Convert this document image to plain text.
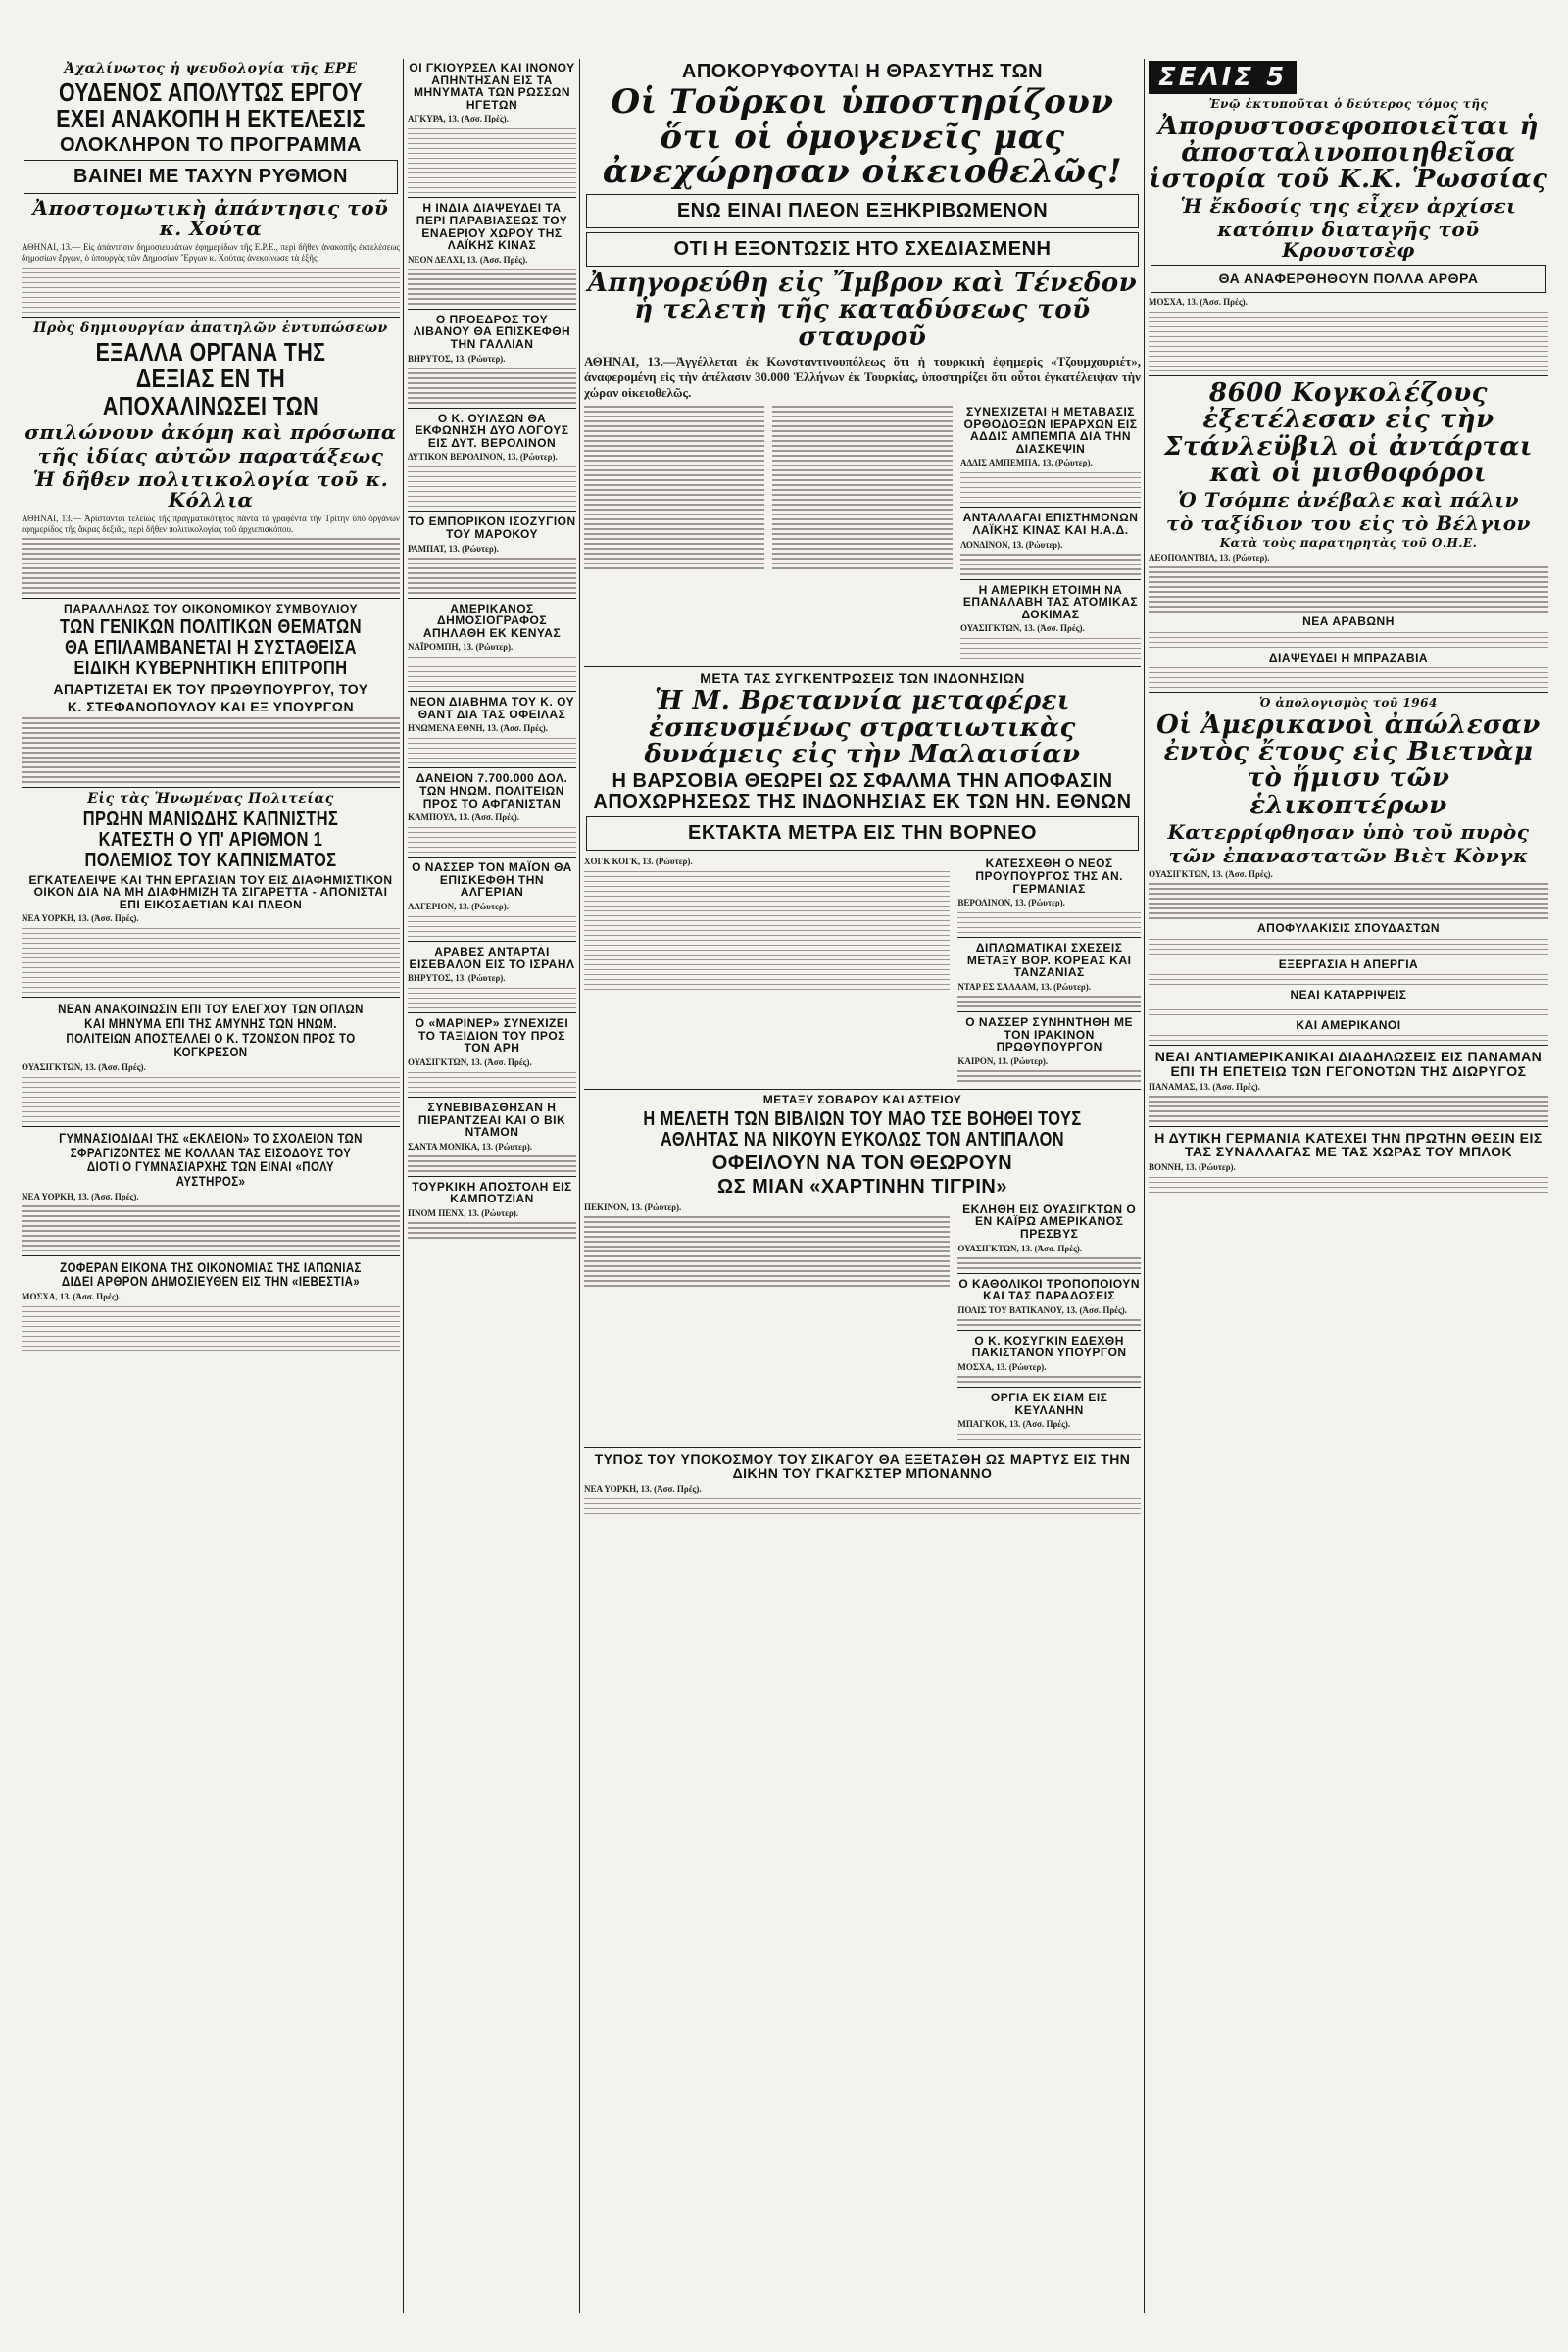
Ἀχαλίνωτος ἡ ψευδολογία τῆς ΕΡΕ
ΟΥΔΕΝΟΣ ΑΠΟΛΥΤΩΣ ΕΡΓΟΥ ΕΧΕΙ ΑΝΑΚΟΠΗ Η ΕΚΤΕΛΕΣΙΣ
ΟΛΟΚΛΗΡΟΝ ΤΟ ΠΡΟΓΡΑΜΜΑ
ΒΑΙΝΕΙ ΜΕ ΤΑΧΥΝ ΡΥΘΜΟΝ
Ἀποστομωτικὴ ἀπάντησις τοῦ κ. Χούτα
ΑΘΗΝΑΙ, 13.— Εἰς ἀπάντησιν δημοσιευμάτων ἐφημερίδων τῆς Ε.Ρ.Ε., περὶ δῆθεν ἀνακοπῆς ἐκτελέσεως δημοσίων ἔργων, ὁ ὑπουργὸς τῶν Δημοσίων Ἔργων κ. Χούτας ἀνεκοίνωσε τὰ ἑξῆς.
Πρὸς δημιουργίαν ἀπατηλῶν ἐντυπώσεων
ΕΞΑΛΛΑ ΟΡΓΑΝΑ ΤΗΣ ΔΕΞΙΑΣ ΕΝ ΤΗ ΑΠΟΧΑΛΙΝΩΣΕΙ ΤΩΝ
σπιλώνουν ἀκόμη καὶ πρόσωπα
τῆς ἰδίας αὐτῶν παρατάξεως
Ἡ δῆθεν πολιτικολογία τοῦ κ. Κόλλια
ΑΘΗΝΑΙ, 13.— Ἀρίστανται τελείως τῆς πραγματικότητος πάντα τὰ γραφέντα τὴν Τρίτην ὑπὸ ὀργάνων ἐφημερίδος τῆς ἄκρας δεξιᾶς, περὶ δῆθεν πολιτικολογίας τοῦ ἀρχιεπισκόπου.
ΠΑΡΑΛΛΗΛΩΣ ΤΟΥ ΟΙΚΟΝΟΜΙΚΟΥ ΣΥΜΒΟΥΛΙΟΥ
ΤΩΝ ΓΕΝΙΚΩΝ ΠΟΛΙΤΙΚΩΝ ΘΕΜΑΤΩΝ ΘΑ ΕΠΙΛΑΜΒΑΝΕΤΑΙ Η ΣΥΣΤΑΘΕΙΣΑ ΕΙΔΙΚΗ ΚΥΒΕΡΝΗΤΙΚΗ ΕΠΙΤΡΟΠΗ
ΑΠΑΡΤΙΖΕΤΑΙ ΕΚ ΤΟΥ ΠΡΩΘΥΠΟΥΡΓΟΥ, ΤΟΥ
Κ. ΣΤΕΦΑΝΟΠΟΥΛΟΥ ΚΑΙ ΕΞ ΥΠΟΥΡΓΩΝ
Εἰς τὰς Ἡνωμένας Πολιτείας
ΠΡΩΗΝ ΜΑΝΙΩΔΗΣ ΚΑΠΝΙΣΤΗΣ ΚΑΤΕΣΤΗ Ο ΥΠ' ΑΡΙΘΜΟΝ 1 ΠΟΛΕΜΙΟΣ ΤΟΥ ΚΑΠΝΙΣΜΑΤΟΣ
ΕΓΚΑΤΕΛΕΙΨΕ ΚΑΙ ΤΗΝ ΕΡΓΑΣΙΑΝ ΤΟΥ ΕΙΣ ΔΙΑΦΗΜΙΣΤΙΚΟΝ ΟΙΚΟΝ ΔΙΑ ΝΑ ΜΗ ΔΙΑΦΗΜΙΖΗ ΤΑ ΣΙΓΑΡΕΤΤΑ - ΑΠΟΝΙΣΤΑΙ ΕΠΙ ΕΙΚΟΣΑΕΤΙΑΝ ΚΑΙ ΠΛΕΟΝ
ΝΕΑ ΥΟΡΚΗ, 13. (Ἀσσ. Πρές).
ΝΕΑΝ ΑΝΑΚΟΙΝΩΣΙΝ ΕΠΙ ΤΟΥ ΕΛΕΓΧΟΥ ΤΩΝ ΟΠΛΩΝ ΚΑΙ ΜΗΝΥΜΑ ΕΠΙ ΤΗΣ ΑΜΥΝΗΣ ΤΩΝ ΗΝΩΜ. ΠΟΛΙΤΕΙΩΝ ΑΠΟΣΤΕΛΛΕΙ Ο Κ. ΤΖΟΝΣΟΝ ΠΡΟΣ ΤΟ ΚΟΓΚΡΕΣΟΝ
ΟΥΑΣΙΓΚΤΩΝ, 13. (Ἀσσ. Πρές).
ΓΥΜΝΑΣΙΟΔΙΔΑΙ ΤΗΣ «ΕΚΛΕΙΟΝ» ΤΟ ΣΧΟΛΕΙΟΝ ΤΩΝ ΣΦΡΑΓΙΖΟΝΤΕΣ ΜΕ ΚΟΛΛΑΝ ΤΑΣ ΕΙΣΟΔΟΥΣ ΤΟΥ ΔΙΟΤΙ Ο ΓΥΜΝΑΣΙΑΡΧΗΣ ΤΩΝ ΕΙΝΑΙ «ΠΟΛΥ ΑΥΣΤΗΡΟΣ»
ΝΕΑ ΥΟΡΚΗ, 13. (Ἀσσ. Πρές).
ΖΟΦΕΡΑΝ ΕΙΚΟΝΑ ΤΗΣ ΟΙΚΟΝΟΜΙΑΣ ΤΗΣ ΙΑΠΩΝΙΑΣ ΔΙΔΕΙ ΑΡΘΡΟΝ ΔΗΜΟΣΙΕΥΘΕΝ ΕΙΣ ΤΗΝ «ΙΕΒΕΣΤΙΑ»
ΜΟΣΧΑ, 13. (Ἀσσ. Πρές).
ΟΙ ΓΚΙΟΥΡΣΕΛ ΚΑΙ ΙΝΟΝΟΥ ΑΠΗΝΤΗΣΑΝ ΕΙΣ ΤΑ ΜΗΝΥΜΑΤΑ ΤΩΝ ΡΩΣΣΩΝ ΗΓΕΤΩΝ
ΑΓΚΥΡΑ, 13. (Ἀσσ. Πρές).
Η ΙΝΔΙΑ ΔΙΑΨΕΥΔΕΙ ΤΑ ΠΕΡΙ ΠΑΡΑΒΙΑΣΕΩΣ ΤΟΥ ΕΝΑΕΡΙΟΥ ΧΩΡΟΥ ΤΗΣ ΛΑΪΚΗΣ ΚΙΝΑΣ
ΝΕΟΝ ΔΕΛΧΙ, 13. (Ἀσσ. Πρές).
Ο ΠΡΟΕΔΡΟΣ ΤΟΥ ΛΙΒΑΝΟΥ ΘΑ ΕΠΙΣΚΕΦΘΗ ΤΗΝ ΓΑΛΛΙΑΝ
ΒΗΡΥΤΟΣ, 13. (Ρώυτερ).
Ο Κ. ΟΥΙΛΣΩΝ ΘΑ ΕΚΦΩΝΗΣΗ ΔΥΟ ΛΟΓΟΥΣ ΕΙΣ ΔΥΤ. ΒΕΡΟΛΙΝΟΝ
ΔΥΤΙΚΟΝ ΒΕΡΟΛΙΝΟΝ, 13. (Ρώυτερ).
ΤΟ ΕΜΠΟΡΙΚΟΝ ΙΣΟΖΥΓΙΟΝ ΤΟΥ ΜΑΡΟΚΟΥ
ΡΑΜΠΑΤ, 13. (Ρώυτερ).
ΑΜΕΡΙΚΑΝΟΣ ΔΗΜΟΣΙΟΓΡΑΦΟΣ ΑΠΗΛΑΘΗ ΕΚ ΚΕΝΥΑΣ
ΝΑΪΡΟΜΠΗ, 13. (Ρώυτερ).
ΝΕΟΝ ΔΙΑΒΗΜΑ ΤΟΥ Κ. ΟΥ ΘΑΝΤ ΔΙΑ ΤΑΣ ΟΦΕΙΛΑΣ
ΗΝΩΜΕΝΑ ΕΘΝΗ, 13. (Ἀσσ. Πρές).
ΔΑΝΕΙΟΝ 7.700.000 ΔΟΛ. ΤΩΝ ΗΝΩΜ. ΠΟΛΙΤΕΙΩΝ ΠΡΟΣ ΤΟ ΑΦΓΑΝΙΣΤΑΝ
ΚΑΜΠΟΥΛ, 13. (Ἀσσ. Πρές).
Ο ΝΑΣΣΕΡ ΤΟΝ ΜΑΪΟΝ ΘΑ ΕΠΙΣΚΕΦΘΗ ΤΗΝ ΑΛΓΕΡΙΑΝ
ΑΛΓΕΡΙΟΝ, 13. (Ρώυτερ).
ΑΡΑΒΕΣ ΑΝΤΑΡΤΑΙ ΕΙΣΕΒΑΛΟΝ ΕΙΣ ΤΟ ΙΣΡΑΗΛ
ΒΗΡΥΤΟΣ, 13. (Ρώυτερ).
Ο «ΜΑΡΙΝΕΡ» ΣΥΝΕΧΙΖΕΙ ΤΟ ΤΑΞΙΔΙΟΝ ΤΟΥ ΠΡΟΣ ΤΟΝ ΑΡΗ
ΟΥΑΣΙΓΚΤΩΝ, 13. (Ἀσσ. Πρές).
ΣΥΝΕΒΙΒΑΣΘΗΣΑΝ Η ΠΙΕΡΑΝΤΖΕΑΙ ΚΑΙ Ο ΒΙΚ ΝΤΑΜΟΝ
ΣΑΝΤΑ ΜΟΝΙΚΑ, 13. (Ρώυτερ).
ΤΟΥΡΚΙΚΗ ΑΠΟΣΤΟΛΗ ΕΙΣ ΚΑΜΠΟΤΖΙΑΝ
ΠΝΟΜ ΠΕΝΧ, 13. (Ρώυτερ).
ΑΠΟΚΟΡΥΦΟΥΤΑΙ Η ΘΡΑΣΥΤΗΣ ΤΩΝ
Οἱ Τοῦρκοι ὑποστηρίζουν ὅτι οἱ ὁμογενεῖς μας ἀνεχώρησαν οἰκειοθελῶς!
ΕΝΩ ΕΙΝΑΙ ΠΛΕΟΝ ΕΞΗΚΡΙΒΩΜΕΝΟΝ
ΟΤΙ Η ΕΞΟΝΤΩΣΙΣ ΗΤΟ ΣΧΕΔΙΑΣΜΕΝΗ
Ἀπηγορεύθη εἰς Ἴμβρον καὶ Τένεδον ἡ τελετὴ τῆς καταδύσεως τοῦ σταυροῦ
ΑΘΗΝΑΙ, 13.—Ἀγγέλλεται ἐκ Κωνσταντινουπόλεως ὅτι ἡ τουρκικὴ ἐφημερὶς «Τζουμχουριέτ», ἀναφερομένη εἰς τὴν ἀπέλασιν 30.000 Ἑλλήνων ἐκ Τουρκίας, ὑποστηρίζει ὅτι οὗτοι ἐγκατέλειψαν τὴν χώραν οἰκειοθελῶς.
ΣΥΝΕΧΙΖΕΤΑΙ Η ΜΕΤΑΒΑΣΙΣ ΟΡΘΟΔΟΞΩΝ ΙΕΡΑΡΧΩΝ ΕΙΣ ΑΔΔΙΣ ΑΜΠΕΜΠΑ ΔΙΑ ΤΗΝ ΔΙΑΣΚΕΨΙΝ
ΑΔΔΙΣ ΑΜΠΕΜΠΑ, 13. (Ρώυτερ).
ΑΝΤΑΛΛΑΓΑΙ ΕΠΙΣΤΗΜΟΝΩΝ ΛΑΪΚΗΣ ΚΙΝΑΣ ΚΑΙ Η.Α.Δ.
ΛΟΝΔΙΝΟΝ, 13. (Ρώυτερ).
Η ΑΜΕΡΙΚΗ ΕΤΟΙΜΗ ΝΑ ΕΠΑΝΑΛΑΒΗ ΤΑΣ ΑΤΟΜΙΚΑΣ ΔΟΚΙΜΑΣ
ΟΥΑΣΙΓΚΤΩΝ, 13. (Ἀσσ. Πρές).
ΜΕΤΑ ΤΑΣ ΣΥΓΚΕΝΤΡΩΣΕΙΣ ΤΩΝ ΙΝΔΟΝΗΣΙΩΝ
Ἡ Μ. Βρεταννία μεταφέρει ἐσπευσμένως στρατιωτικὰς δυνάμεις εἰς τὴν Μαλαισίαν
Η ΒΑΡΣΟΒΙΑ ΘΕΩΡΕΙ ΩΣ ΣΦΑΛΜΑ ΤΗΝ ΑΠΟΦΑΣΙΝ ΑΠΟΧΩΡΗΣΕΩΣ ΤΗΣ ΙΝΔΟΝΗΣΙΑΣ ΕΚ ΤΩΝ ΗΝ. ΕΘΝΩΝ
ΕΚΤΑΚΤΑ ΜΕΤΡΑ ΕΙΣ ΤΗΝ ΒΟΡΝΕΟ
ΧΟΓΚ ΚΟΓΚ, 13. (Ρώυτερ).	ΚΑΤΕΣΧΕΘΗ Ο ΝΕΟΣ ΠΡΟΥΠΟΥΡΓΟΣ ΤΗΣ ΑΝ. ΓΕΡΜΑΝΙΑΣ
ΒΕΡΟΛΙΝΟΝ, 13. (Ρώυτερ).
ΔΙΠΛΩΜΑΤΙΚΑΙ ΣΧΕΣΕΙΣ ΜΕΤΑΞΥ ΒΟΡ. ΚΟΡΕΑΣ ΚΑΙ ΤΑΝΖΑΝΙΑΣ
ΝΤΑΡ ΕΣ ΣΑΛΑΑΜ, 13. (Ρώυτερ).
Ο ΝΑΣΣΕΡ ΣΥΝΗΝΤΗΘΗ ΜΕ ΤΟΝ ΙΡΑΚΙΝΟΝ ΠΡΩΘΥΠΟΥΡΓΟΝ
ΚΑΙΡΟΝ, 13. (Ρώυτερ).
ΜΕΤΑΞΥ ΣΟΒΑΡΟΥ ΚΑΙ ΑΣΤΕΙΟΥ
Η ΜΕΛΕΤΗ ΤΩΝ ΒΙΒΛΙΩΝ ΤΟΥ ΜΑΟ ΤΣΕ ΒΟΗΘΕΙ ΤΟΥΣ ΑΘΛΗΤΑΣ ΝΑ ΝΙΚΟΥΝ ΕΥΚΟΛΩΣ ΤΟΝ ΑΝΤΙΠΑΛΟΝ
ΟΦΕΙΛΟΥΝ ΝΑ ΤΟΝ ΘΕΩΡΟΥΝ
ΩΣ ΜΙΑΝ «ΧΑΡΤΙΝΗΝ ΤΙΓΡΙΝ»
ΠΕΚΙΝΟΝ, 13. (Ρώυτερ).	ΕΚΛΗΘΗ ΕΙΣ ΟΥΑΣΙΓΚΤΩΝ Ο ΕΝ ΚΑΪΡΩ ΑΜΕΡΙΚΑΝΟΣ ΠΡΕΣΒΥΣ
ΟΥΑΣΙΓΚΤΩΝ, 13. (Ἀσσ. Πρές).
Ο ΚΑΘΟΛΙΚΟΙ ΤΡΟΠΟΠΟΙΟΥΝ ΚΑΙ ΤΑΣ ΠΑΡΑΔΟΣΕΙΣ
ΠΟΛΙΣ ΤΟΥ ΒΑΤΙΚΑΝΟΥ, 13. (Ἀσσ. Πρές).
Ο Κ. ΚΟΣΥΓΚΙΝ ΕΔΕΧΘΗ ΠΑΚΙΣΤΑΝΟΝ ΥΠΟΥΡΓΟΝ
ΜΟΣΧΑ, 13. (Ρώυτερ).
ΟΡΓΙΑ ΕΚ ΣΙΑΜ ΕΙΣ ΚΕΥΛΑΝΗΝ
ΜΠΑΓΚΟΚ, 13. (Ἀσσ. Πρές).
ΤΥΠΟΣ ΤΟΥ ΥΠΟΚΟΣΜΟΥ ΤΟΥ ΣΙΚΑΓΟΥ ΘΑ ΕΞΕΤΑΣΘΗ ΩΣ ΜΑΡΤΥΣ ΕΙΣ ΤΗΝ ΔΙΚΗΝ ΤΟΥ ΓΚΑΓΚΣΤΕΡ ΜΠΟΝΑΝΝΟ
ΝΕΑ ΥΟΡΚΗ, 13. (Ἀσσ. Πρές).
ΣΕΛΙΣ 5
Ἐνῷ ἐκτυποῦται ὁ δεύτερος τόμος τῆς
Ἀπορυστοσεφοποιεῖται ἡ ἀποσταλινοποιηθεῖσα ἱστορία τοῦ Κ.Κ. Ῥωσσίας
Ἡ ἔκδοσίς της εἶχεν ἀρχίσει
κατόπιν διαταγῆς τοῦ Κρουστσὲφ
ΘΑ ΑΝΑΦΕΡΘΗΘΟΥΝ ΠΟΛΛΑ ΑΡΘΡΑ
ΜΟΣΧΑ, 13. (Ἀσσ. Πρές).
8600 Κογκολέζους ἐξετέλεσαν εἰς τὴν Στάνλεϋβιλ οἱ ἀντάρται καὶ οἱ μισθοφόροι
Ὁ Τσόμπε ἀνέβαλε καὶ πάλιν
τὸ ταξίδιον του εἰς τὸ Βέλγιον
Κατὰ τοὺς παρατηρητὰς τοῦ Ο.Η.Ε.
ΛΕΟΠΟΛΝΤΒΙΛ, 13. (Ρώυτερ).
ΝΕΑ ΑΡΑΒΩΝΗ
ΔΙΑΨΕΥΔΕΙ Η ΜΠΡΑΖΑΒΙΑ
Ὁ ἀπολογισμὸς τοῦ 1964
Οἱ Ἀμερικανοὶ ἀπώλεσαν ἐντὸς ἔτους εἰς Βιετνὰμ τὸ ἥμισυ τῶν ἑλικοπτέρων
Κατερρίφθησαν ὑπὸ τοῦ πυρὸς
τῶν ἐπαναστατῶν Βιὲτ Κὸνγκ
ΟΥΑΣΙΓΚΤΩΝ, 13. (Ἀσσ. Πρές).
ΑΠΟΦΥΛΑΚΙΣΙΣ ΣΠΟΥΔΑΣΤΩΝ
ΕΞΕΡΓΑΣΙΑ Η ΑΠΕΡΓΙΑ
ΝΕΑΙ ΚΑΤΑΡΡΙΨΕΙΣ
ΚΑΙ ΑΜΕΡΙΚΑΝΟΙ
ΝΕΑΙ ΑΝΤΙΑΜΕΡΙΚΑΝΙΚΑΙ ΔΙΑΔΗΛΩΣΕΙΣ ΕΙΣ ΠΑΝΑΜΑΝ ΕΠΙ ΤΗ ΕΠΕΤΕΙΩ ΤΩΝ ΓΕΓΟΝΟΤΩΝ ΤΗΣ ΔΙΩΡΥΓΟΣ
ΠΑΝΑΜΑΣ, 13. (Ἀσσ. Πρές).
Η ΔΥΤΙΚΗ ΓΕΡΜΑΝΙΑ ΚΑΤΕΧΕΙ ΤΗΝ ΠΡΩΤΗΝ ΘΕΣΙΝ ΕΙΣ ΤΑΣ ΣΥΝΑΛΛΑΓΑΣ ΜΕ ΤΑΣ ΧΩΡΑΣ ΤΟΥ ΜΠΛΟΚ
ΒΟΝΝΗ, 13. (Ρώυτερ).
